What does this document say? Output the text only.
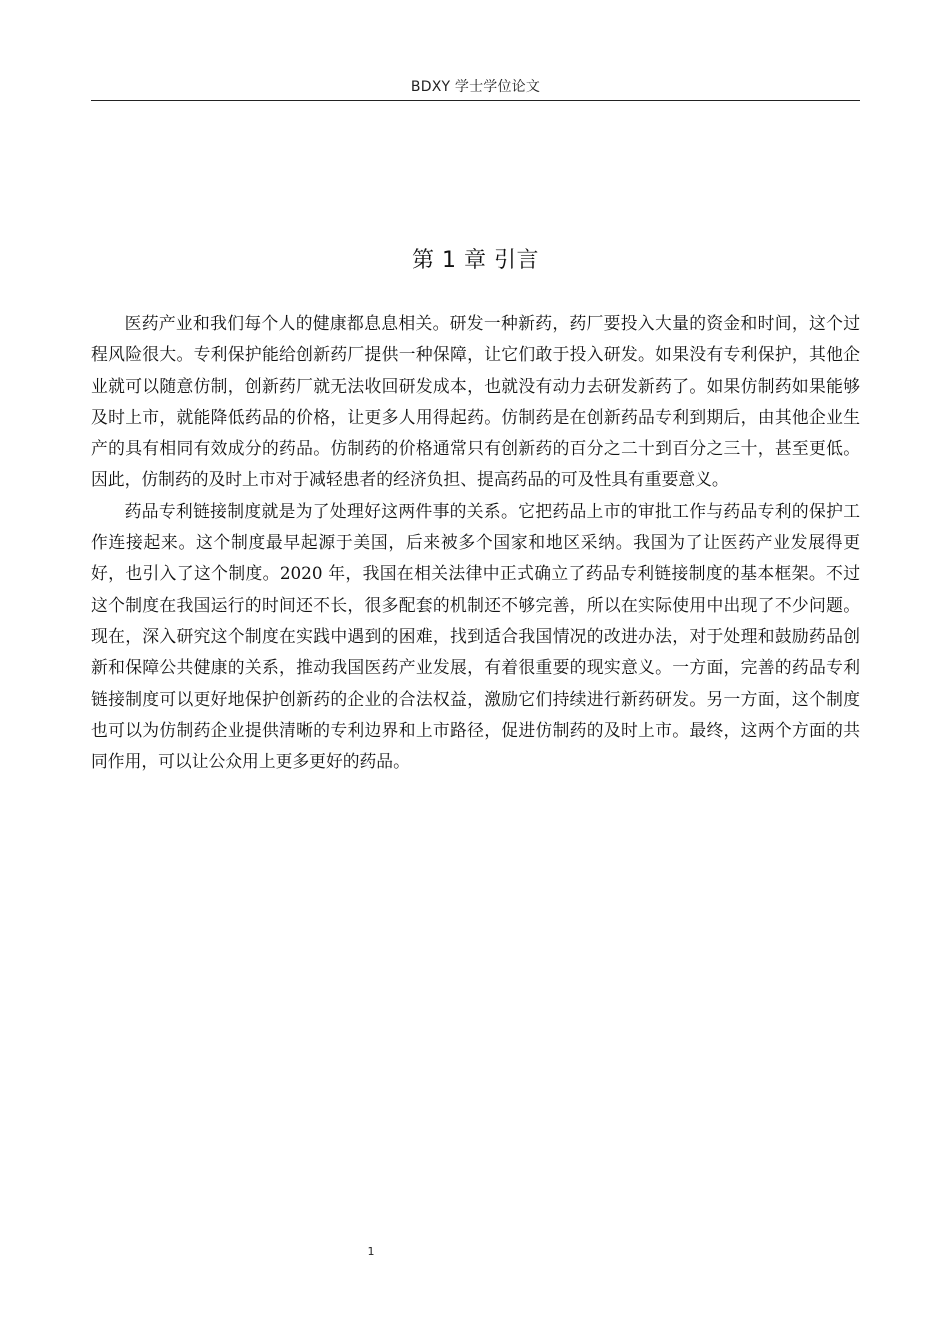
BDXY 学士学位论文
第 1 章 引言

医药产业和我们每个人的健康都息息相关。研发一种新药，药厂要投入大量的资金和时间，这个过程风险很大。专利保护能给创新药厂提供一种保障，让它们敢于投入研发。如果没有专利保护，其他企业就可以随意仿制，创新药厂就无法收回研发成本，也就没有动力去研发新药了。如果仿制药如果能够及时上市，就能降低药品的价格，让更多人用得起药。仿制药是在创新药品专利到期后，由其他企业生产的具有相同有效成分的药品。仿制药的价格通常只有创新药的百分之二十到百分之三十，甚至更低。因此，仿制药的及时上市对于减轻患者的经济负担、提高药品的可及性具有重要意义。

药品专利链接制度就是为了处理好这两件事的关系。它把药品上市的审批工作与药品专利的保护工作连接起来。这个制度最早起源于美国，后来被多个国家和地区采纳。我国为了让医药产业发展得更好，也引入了这个制度。2020 年，我国在相关法律中正式确立了药品专利链接制度的基本框架。不过这个制度在我国运行的时间还不长，很多配套的机制还不够完善，所以在实际使用中出现了不少问题。现在，深入研究这个制度在实践中遇到的困难，找到适合我国情况的改进办法，对于处理和鼓励药品创新和保障公共健康的关系，推动我国医药产业发展，有着很重要的现实意义。一方面，完善的药品专利链接制度可以更好地保护创新药的企业的合法权益，激励它们持续进行新药研发。另一方面，这个制度也可以为仿制药企业提供清晰的专利边界和上市路径，促进仿制药的及时上市。最终，这两个方面的共同作用，可以让公众用上更多更好的药品。

1
